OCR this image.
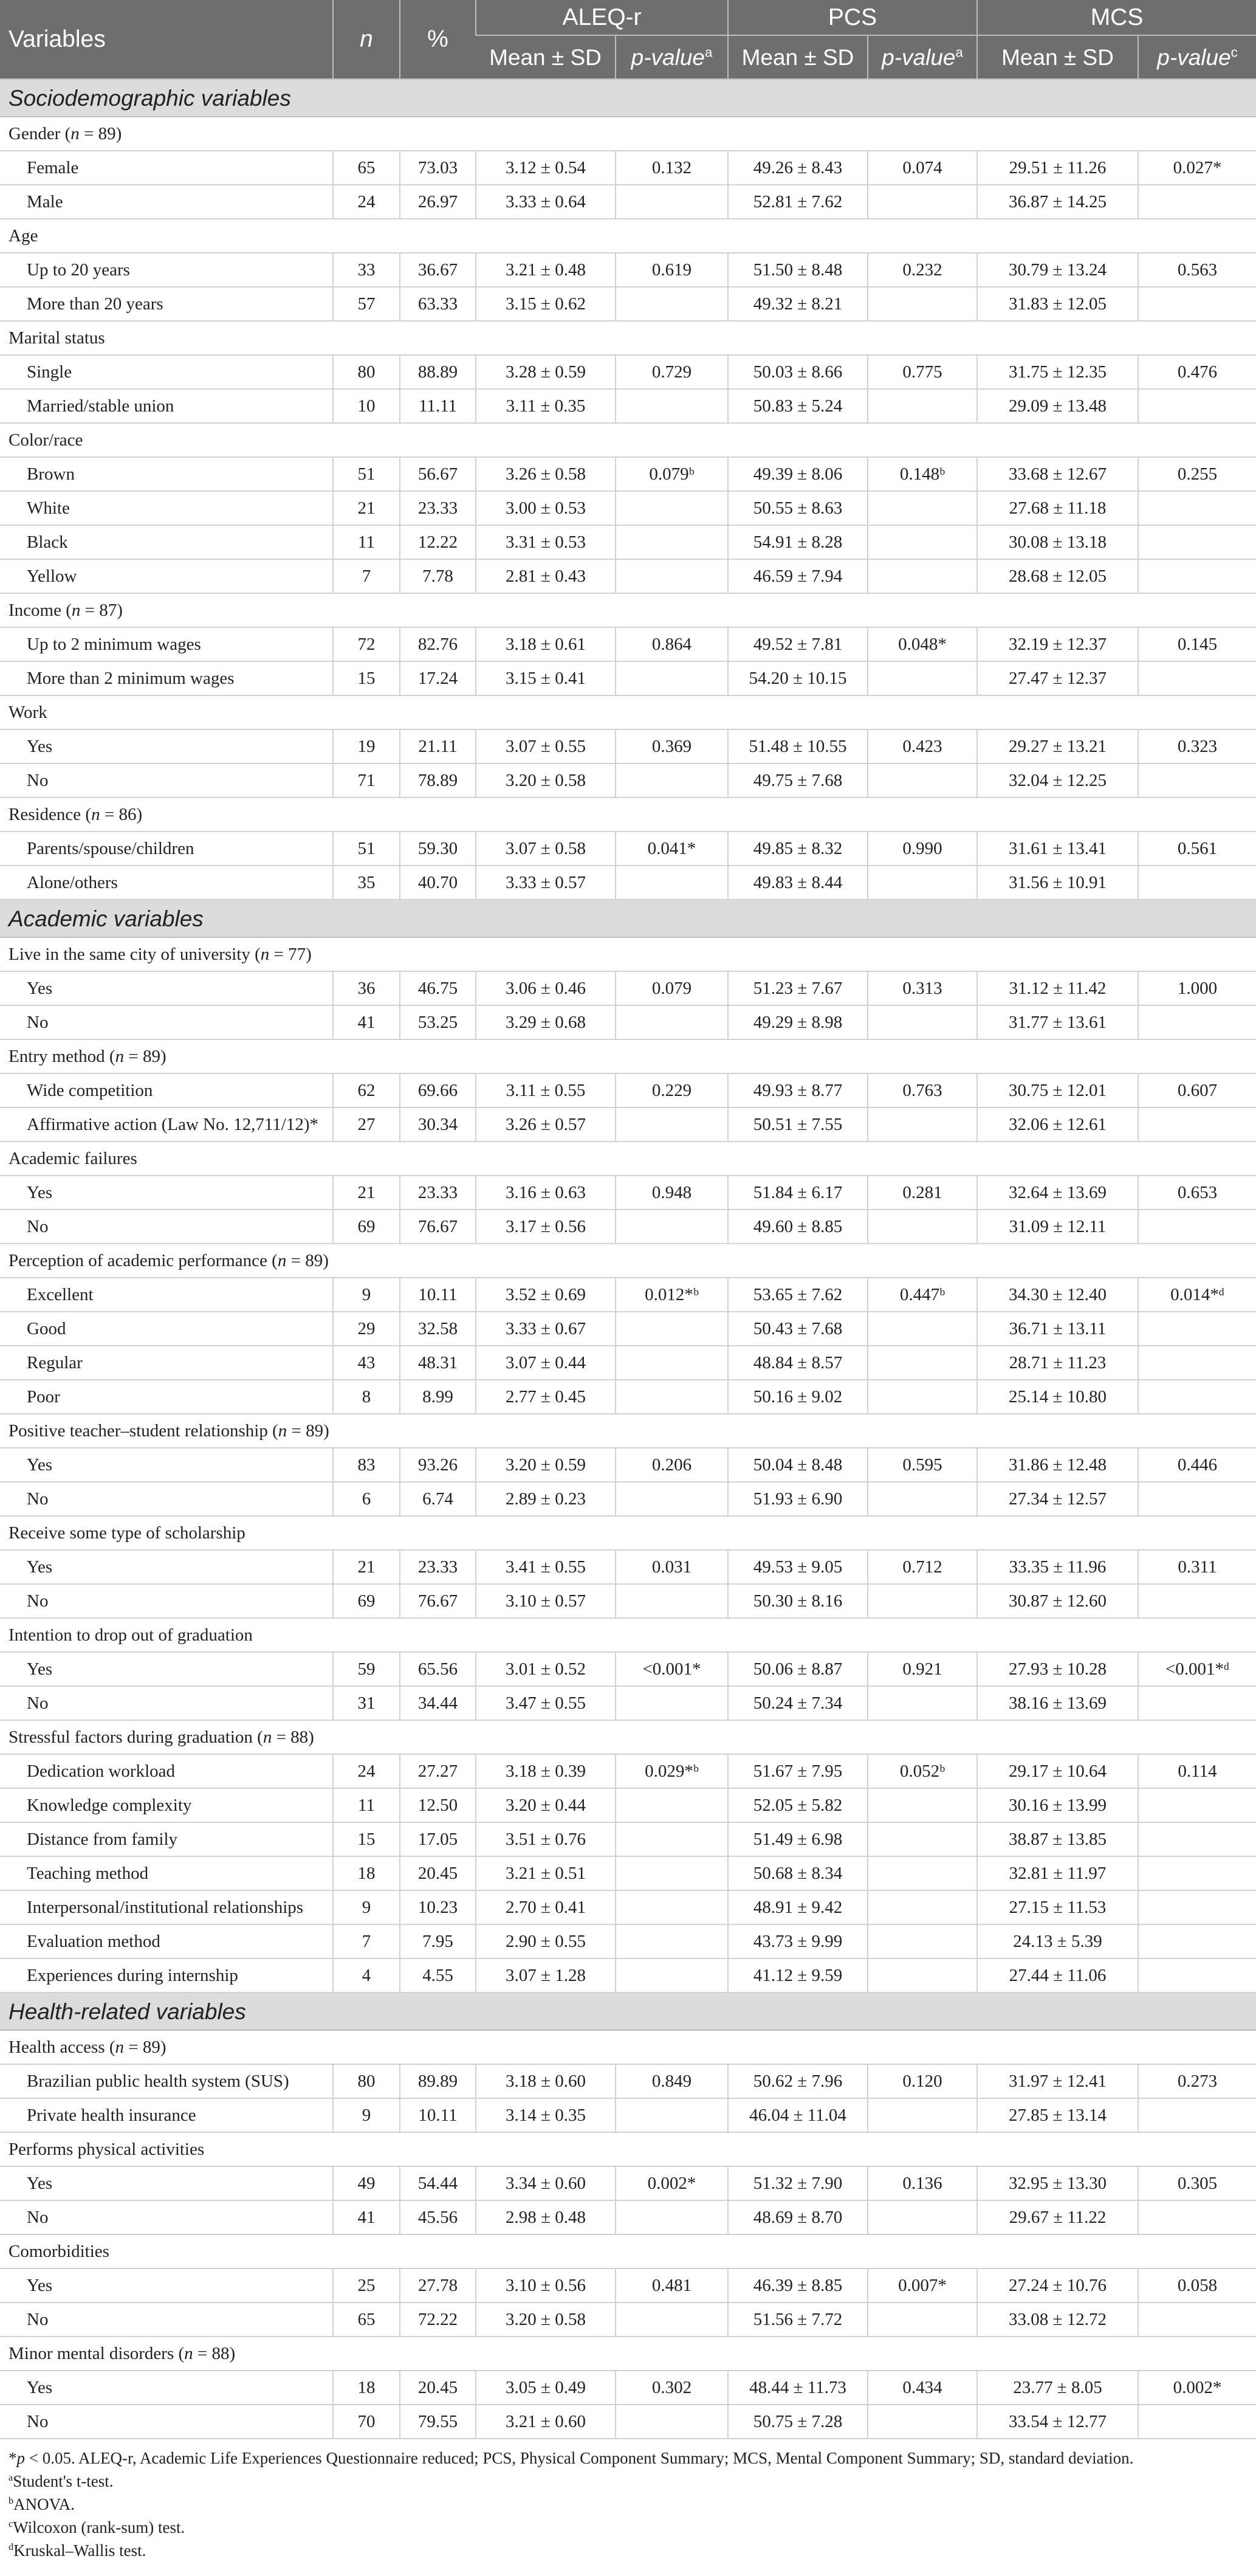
Variables	n	%	ALEQ-r		PCS		MCS	
			Mean ± SD	p-value$^a$	Mean ± SD	p-value$^a$	Mean ± SD	p-value$^c$
Sociodemographic variables								
Gender (n = 89)								
Female	65	73.03	3.12 ± 0.54	0.132	49.26 ± 8.43	0.074	29.51 ± 11.26	0.027*
Male	24	26.97	3.33 ± 0.64		52.81 ± 7.62		36.87 ± 14.25	
Age								
Up to 20 years	33	36.67	3.21 ± 0.48	0.619	51.50 ± 8.48	0.232	30.79 ± 13.24	0.563
More than 20 years	57	63.33	3.15 ± 0.62		49.32 ± 8.21		31.83 ± 12.05	
Marital status								
Single	80	88.89	3.28 ± 0.59	0.729	50.03 ± 8.66	0.775	31.75 ± 12.35	0.476
Married/stable union	10	11.11	3.11 ± 0.35		50.83 ± 5.24		29.09 ± 13.48	
Color/race								
Brown	51	56.67	3.26 ± 0.58	0.079ᵇ	49.39 ± 8.06	0.148ᵇ	33.68 ± 12.67	0.255
White	21	23.33	3.00 ± 0.53		50.55 ± 8.63		27.68 ± 11.18	
Black	11	12.22	3.31 ± 0.53		54.91 ± 8.28		30.08 ± 13.18	
Yellow	7	7.78	2.81 ± 0.43		46.59 ± 7.94		28.68 ± 12.05	
Income (n = 87)								
Up to 2 minimum wages	72	82.76	3.18 ± 0.61	0.864	49.52 ± 7.81	0.048*	32.19 ± 12.37	0.145
More than 2 minimum wages	15	17.24	3.15 ± 0.41		54.20 ± 10.15		27.47 ± 12.37	
Work								
Yes	19	21.11	3.07 ± 0.55	0.369	51.48 ± 10.55	0.423	29.27 ± 13.21	0.323
No	71	78.89	3.20 ± 0.58		49.75 ± 7.68		32.04 ± 12.25	
Residence (n = 86)								
Parents/spouse/children	51	59.30	3.07 ± 0.58	0.041*	49.85 ± 8.32	0.990	31.61 ± 13.41	0.561
Alone/others	35	40.70	3.33 ± 0.57		49.83 ± 8.44		31.56 ± 10.91	
Academic variables								
Live in the same city of university (n = 77)								
Yes	36	46.75	3.06 ± 0.46	0.079	51.23 ± 7.67	0.313	31.12 ± 11.42	1.000
No	41	53.25	3.29 ± 0.68		49.29 ± 8.98		31.77 ± 13.61	
Entry method (n = 89)								
Wide competition	62	69.66	3.11 ± 0.55	0.229	49.93 ± 8.77	0.763	30.75 ± 12.01	0.607
Affirmative action (Law No. 12,711/12)*	27	30.34	3.26 ± 0.57		50.51 ± 7.55		32.06 ± 12.61	
Academic failures								
Yes	21	23.33	3.16 ± 0.63	0.948	51.84 ± 6.17	0.281	32.64 ± 13.69	0.653
No	69	76.67	3.17 ± 0.56		49.60 ± 8.85		31.09 ± 12.11	
Perception of academic performance (n = 89)								
Excellent	9	10.11	3.52 ± 0.69	0.012*ᵇ	53.65 ± 7.62	0.447ᵇ	34.30 ± 12.40	0.014*ᵈ
Good	29	32.58	3.33 ± 0.67		50.43 ± 7.68		36.71 ± 13.11	
Regular	43	48.31	3.07 ± 0.44		48.84 ± 8.57		28.71 ± 11.23	
Poor	8	8.99	2.77 ± 0.45		50.16 ± 9.02		25.14 ± 10.80	
Positive teacher–student relationship (n = 89)								
Yes	83	93.26	3.20 ± 0.59	0.206	50.04 ± 8.48	0.595	31.86 ± 12.48	0.446
No	6	6.74	2.89 ± 0.23		51.93 ± 6.90		27.34 ± 12.57	
Receive some type of scholarship								
Yes	21	23.33	3.41 ± 0.55	0.031	49.53 ± 9.05	0.712	33.35 ± 11.96	0.311
No	69	76.67	3.10 ± 0.57		50.30 ± 8.16		30.87 ± 12.60	
Intention to drop out of graduation								
Yes	59	65.56	3.01 ± 0.52	<0.001*	50.06 ± 8.87	0.921	27.93 ± 10.28	<0.001*ᵈ
No	31	34.44	3.47 ± 0.55		50.24 ± 7.34		38.16 ± 13.69	
Stressful factors during graduation (n = 88)								
Dedication workload	24	27.27	3.18 ± 0.39	0.029*ᵇ	51.67 ± 7.95	0.052ᵇ	29.17 ± 10.64	0.114
Knowledge complexity	11	12.50	3.20 ± 0.44		52.05 ± 5.82		30.16 ± 13.99	
Distance from family	15	17.05	3.51 ± 0.76		51.49 ± 6.98		38.87 ± 13.85	
Teaching method	18	20.45	3.21 ± 0.51		50.68 ± 8.34		32.81 ± 11.97	
Interpersonal/institutional relationships	9	10.23	2.70 ± 0.41		48.91 ± 9.42		27.15 ± 11.53	
Evaluation method	7	7.95	2.90 ± 0.55		43.73 ± 9.99		24.13 ± 5.39	
Experiences during internship	4	4.55	3.07 ± 1.28		41.12 ± 9.59		27.44 ± 11.06	
Health-related variables								
Health access (n = 89)								
Brazilian public health system (SUS)	80	89.89	3.18 ± 0.60	0.849	50.62 ± 7.96	0.120	31.97 ± 12.41	0.273
Private health insurance	9	10.11	3.14 ± 0.35		46.04 ± 11.04		27.85 ± 13.14	
Performs physical activities								
Yes	49	54.44	3.34 ± 0.60	0.002*	51.32 ± 7.90	0.136	32.95 ± 13.30	0.305
No	41	45.56	2.98 ± 0.48		48.69 ± 8.70		29.67 ± 11.22	
Comorbidities								
Yes	25	27.78	3.10 ± 0.56	0.481	46.39 ± 8.85	0.007*	27.24 ± 10.76	0.058
No	65	72.22	3.20 ± 0.58		51.56 ± 7.72		33.08 ± 12.72	
Minor mental disorders (n = 88)								
Yes	18	20.45	3.05 ± 0.49	0.302	48.44 ± 11.73	0.434	23.77 ± 8.05	0.002*
No	70	79.55	3.21 ± 0.60		50.75 ± 7.28		33.54 ± 12.77	

*p < 0.05. ALEQ-r, Academic Life Experiences Questionnaire reduced; PCS, Physical Component Summary; MCS, Mental Component Summary; SD, standard deviation.
$^a$Student's t-test.
$^b$ANOVA.
$^c$Wilcoxon (rank-sum) test.
$^d$Kruskal–Wallis test.								
